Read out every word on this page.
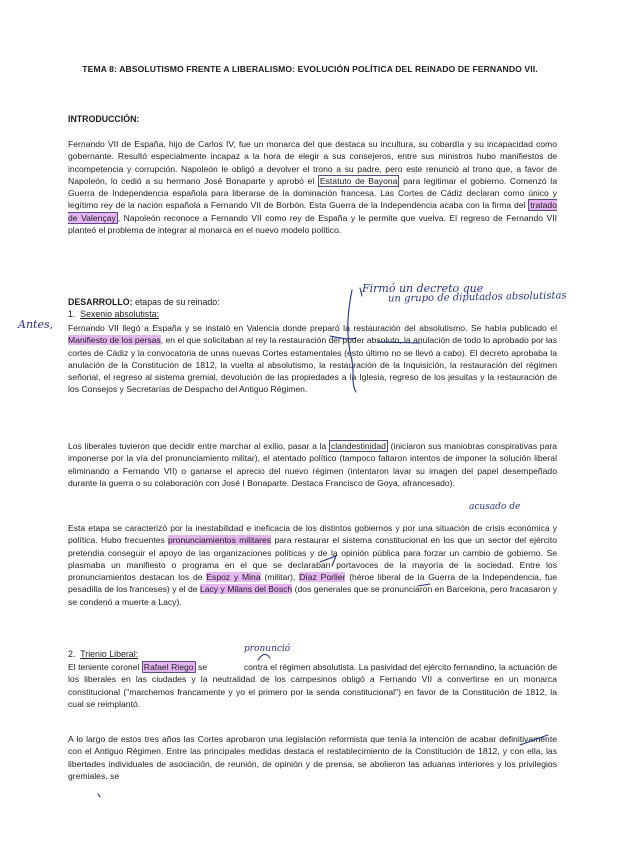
TEMA 8: ABSOLUTISMO FRENTE A LIBERALISMO: EVOLUCIÓN POLÍTICA DEL REINADO DE FERNANDO VII.
INTRODUCCIÓN:
Fernando VII de España, hijo de Carlos IV, fue un monarca del que destaca su incultura, su cobardía y su incapacidad como gobernante. Resultó especialmente incapaz a la hora de elegir a sus consejeros, entre sus ministros hubo manifiestos de incompetencia y corrupción. Napoleón le obligó a devolver el trono a su padre, pero este renunció al trono que, a favor de Napoleón, lo cedió a su hermano José Bonaparte y aprobó el Estatuto de Bayona para legitimar el gobierno. Comenzó la Guerra de Independencia española para liberarse de la dominación francesa. Las Cortes de Cádiz declaran como único y legítimo rey de la nación española a Fernando VII de Borbón. Esta Guerra de la Independencia acaba con la firma del tratado de Valençay , Napoleón reconoce a Fernando VII como rey de España y le permite que vuelva. El regreso de Fernando VII planteó el problema de integrar al monarca en el nuevo modelo político.
DESARROLLO: etapas de su reinado:
1. Sexenio absolutista:
Fernando VII llegó a España y se instaló en Valencia donde preparó la restauración del absolutismo. Se había publicado el Manifiesto de los persas, en el que solicitaban al rey la restauración del poder absoluto, la anulación de todo lo aprobado por las cortes de Cádiz y la convocatoria de unas nuevas Cortes estamentales (esto último no se llevó a cabo). El decreto aprobaba la anulación de la Constitución de 1812, la vuelta al absolutismo, la restauración de la Inquisición, la restauración del régimen señorial, el regreso al sistema gremial, devolución de las propiedades a la Iglesia, regreso de los jesuitas y la restauración de los Consejos y Secretarías de Despacho del Antiguo Régimen.
Los liberales tuvieron que decidir entre marchar al exilio, pasar a la clandestinidad (iniciaron sus maniobras conspirativas para imponerse por la vía del pronunciamiento militar), el atentado político (tampoco faltaron intentos de imponer la solución liberal eliminando a Fernando VII) o ganarse el aprecio del nuevo régimen (intentaron lavar su imagen del papel desempeñado durante la guerra o su colaboración con José I Bonaparte. Destaca Francisco de Goya, afrancesado).
Esta etapa se caracterizó por la inestabilidad e ineficacia de los distintos gobiernos y por una situación de crisis económica y política. Hubo frecuentes pronunciamientos militares para restaurar el sistema constitucional en los que un sector del ejército pretendía conseguir el apoyo de las organizaciones políticas y de la opinión pública para forzar un cambio de gobierno. Se plasmaba un manifiesto o programa en el que se declaraban portavoces de la mayoría de la sociedad. Entre los pronunciamientos destacan los de Espoz y Mina (militar), Díaz Porlier (héroe liberal de la Guerra de la Independencia, fue pesadilla de los franceses) y el de Lacy y Milans del Bosch (dos generales que se pronunciaron en Barcelona, pero fracasaron y se condenó a muerte a Lacy).
2. Trienio Liberal:
El teniente coronel Rafael Riego se               contra el régimen absolutista. La pasividad del ejército fernandino, la actuación de los liberales en las ciudades y la neutralidad de los campesinos obligó a Fernando VII a convertirse en un monarca constitucional ("marchemos francamente y yo el primero por la senda constitucional") en favor de la Constitución de 1812, la cual se reimplantó.
A lo largo de estos tres años las Cortes aprobaron una legislación reformista que tenía la intención de acabar definitivamente con el Antiguo Régimen. Entre las principales medidas destaca el restablecimiento de la Constitución de 1812, y con ella, las libertades individuales de asociación, de reunión, de opinión y de prensa, se abolieron las aduanas interiores y los privilegios gremiales, se
Firmó un decreto que
un grupo de diputados absolutistas
Antes,
acusado de
pronunció
